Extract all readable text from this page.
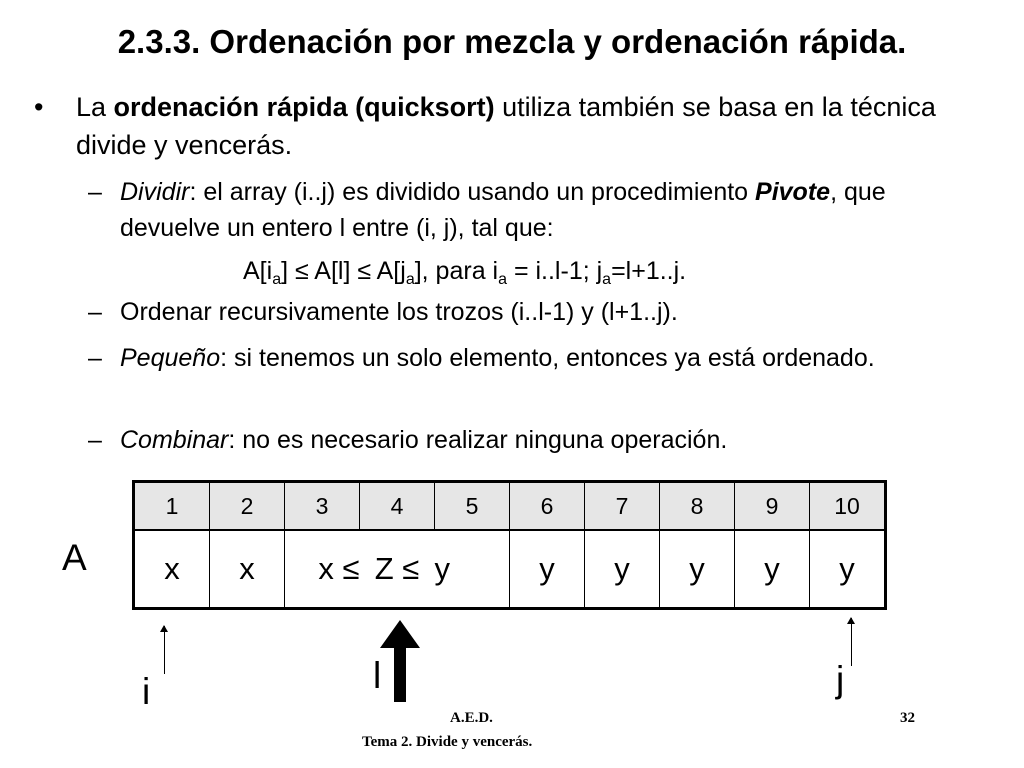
2.3.3. Ordenación por mezcla y ordenación rápida.
• La ordenación rápida (quicksort) utiliza también se basa en la técnica divide y vencerás.
– Dividir: el array (i..j) es dividido usando un procedimiento Pivote, que devuelve un entero l entre (i, j), tal que:
$A[i_a] \le A[l] \le A[j_a]$, para $i_a = i..l-1$; $j_a=l+1..j$.
– Ordenar recursivamente los trozos (i..l-1) y (l+1..j).
– Pequeño: si tenemos un solo elemento, entonces ya está ordenado.
– Combinar: no es necesario realizar ninguna operación.
A
1	2	3	4	5	6	7	8	9	10
x	x	x ≤	Z ≤	y	y	y	y	y	y
i	l	j
A.E.D.	32
Tema 2. Divide y vencerás.
